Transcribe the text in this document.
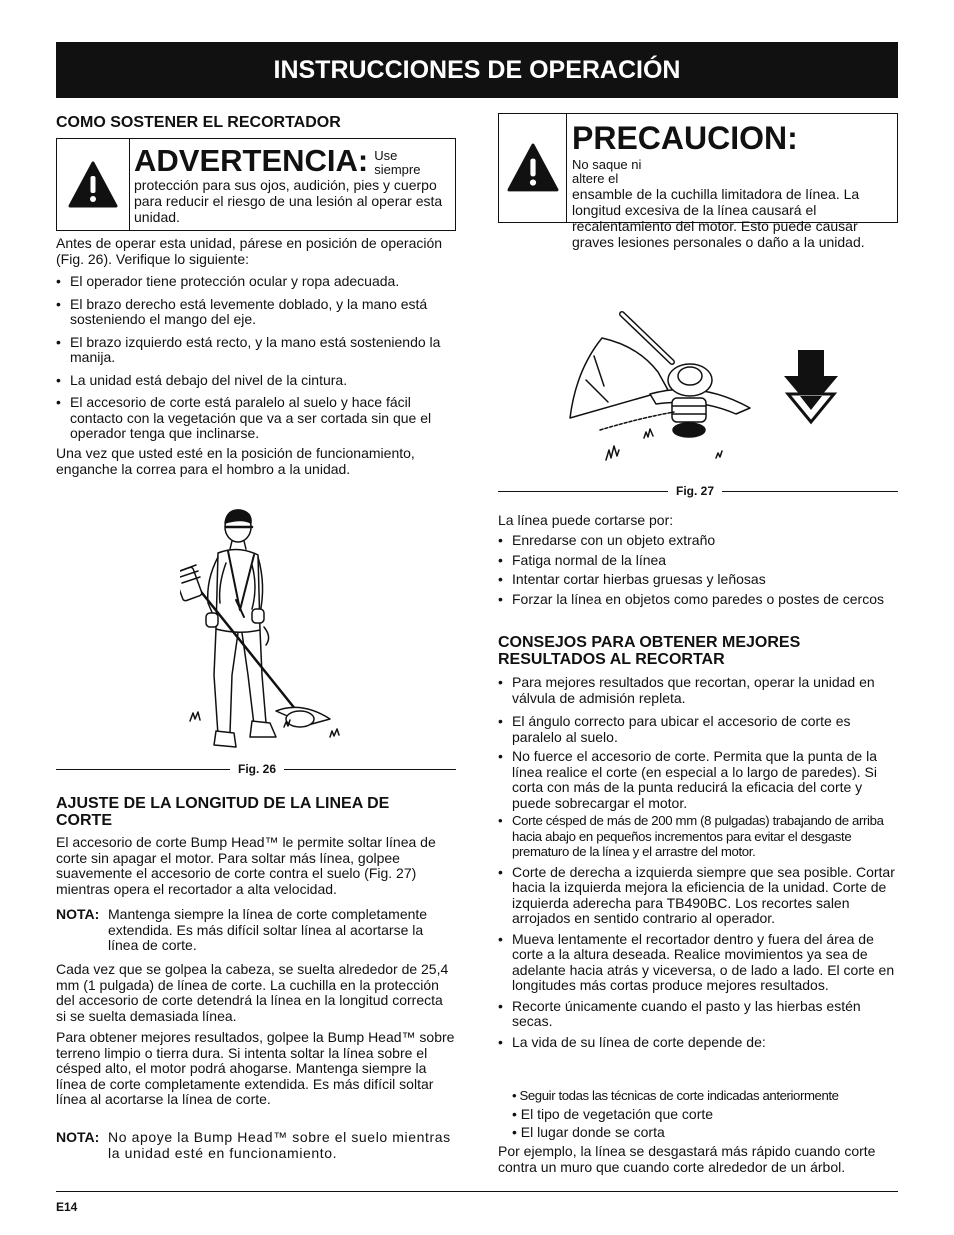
INSTRUCCIONES DE OPERACIÓN
COMO SOSTENER EL RECORTADOR
ADVERTENCIA: Use siempre
protección para sus ojos, audición, pies y cuerpo para reducir el riesgo de una lesión al operar esta unidad.

Antes de operar esta unidad, párese en posición de operación (Fig. 26). Verifique lo siguiente:

• El operador tiene protección ocular y ropa adecuada.
• El brazo derecho está levemente doblado, y la mano está sosteniendo el mango del eje.
• El brazo izquierdo está recto, y la mano está sosteniendo la manija.
• La unidad está debajo del nivel de la cintura.
• El accesorio de corte está paralelo al suelo y hace fácil contacto con la vegetación que va a ser cortada sin que el operador tenga que inclinarse.

Una vez que usted esté en la posición de funcionamiento, enganche la correa para el hombro a la unidad.

Fig. 26
AJUSTE DE LA LONGITUD DE LA LINEA DE CORTE

El accesorio de corte Bump Head™ le permite soltar línea de corte sin apagar el motor. Para soltar más línea, golpee suavemente el accesorio de corte contra el suelo (Fig. 27) mientras opera el recortador a alta velocidad.

NOTA: Mantenga siempre la línea de corte completamente extendida. Es más difícil soltar línea al acortarse la línea de corte.

Cada vez que se golpea la cabeza, se suelta alrededor de 25,4 mm (1 pulgada) de línea de corte. La cuchilla en la protección del accesorio de corte detendrá la línea en la longitud correcta si se suelta demasiada línea.

Para obtener mejores resultados, golpee la Bump Head™ sobre terreno limpio o tierra dura. Si intenta soltar la línea sobre el césped alto, el motor podrá ahogarse. Mantenga siempre la línea de corte completamente extendida. Es más difícil soltar línea al acortarse la línea de corte.

NOTA: No apoye la Bump Head™ sobre el suelo mientras la unidad esté en funcionamiento.
PRECAUCION:
No saque ni altere el
ensamble de la cuchilla limitadora de línea. La longitud excesiva de la línea causará el recalentamiento del motor. Esto puede causar graves lesiones personales o daño a la unidad.
Fig. 27

La línea puede cortarse por:

• Enredarse con un objeto extraño
• Fatiga normal de la línea
• Intentar cortar hierbas gruesas y leñosas
• Forzar la línea en objetos como paredes o postes de cercos
CONSEJOS PARA OBTENER MEJORES RESULTADOS AL RECORTAR
• Para mejores resultados que recortan, operar la unidad en válvula de admisión repleta.
• El ángulo correcto para ubicar el accesorio de corte es paralelo al suelo.
• No fuerce el accesorio de corte. Permita que la punta de la línea realice el corte (en especial a lo largo de paredes). Si corta con más de la punta reducirá la eficacia del corte y puede sobrecargar el motor.
• Corte césped de más de 200 mm (8 pulgadas) trabajando de arriba hacia abajo en pequeños incrementos para evitar el desgaste prematuro de la línea y el arrastre del motor.
• Corte de derecha a izquierda siempre que sea posible. Cortar hacia la izquierda mejora la eficiencia de la unidad. Corte de izquierda aderecha para TB490BC. Los recortes salen arrojados en sentido contrario al operador.
• Mueva lentamente el recortador dentro y fuera del área de corte a la altura deseada. Realice movimientos ya sea de adelante hacia atrás y viceversa, o de lado a lado. El corte en longitudes más cortas produce mejores resultados.
• Recorte únicamente cuando el pasto y las hierbas estén secas.
• La vida de su línea de corte depende de:
• Seguir todas las técnicas de corte indicadas anteriormente
• El tipo de vegetación que corte
• El lugar donde se corta

Por ejemplo, la línea se desgastará más rápido cuando corte contra un muro que cuando corte alrededor de un árbol.

E14
